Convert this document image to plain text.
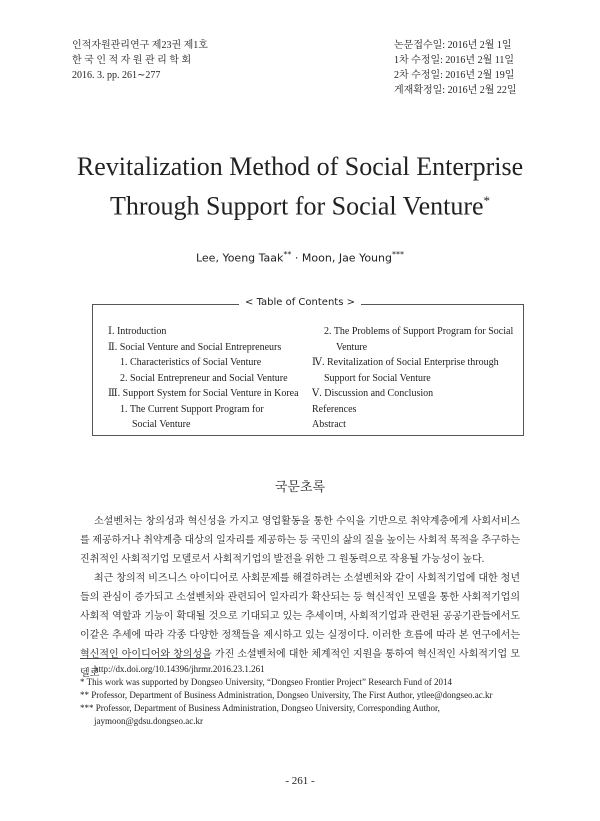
인적자원관리연구 제23권 제1호
한 국 인 적 자 원 관 리 학 회
2016. 3. pp. 261∼277
논문접수일: 2016년 2월 1일
1차 수정일: 2016년 2월 11일
2차 수정일: 2016년 2월 19일
게재확정일: 2016년 2월 22일
Revitalization Method of Social Enterprise
Through Support for Social Venture*
Lee, Yoeng Taak** · Moon, Jae Young***
< Table of Contents >
Ⅰ. Introduction
Ⅱ. Social Venture and Social Entrepreneurs
1. Characteristics of Social Venture
2. Social Entrepreneur and Social Venture
Ⅲ. Support System for Social Venture in Korea
1. The Current Support Program for
Social Venture
2. The Problems of Support Program for Social
Venture
Ⅳ. Revitalization of Social Enterprise through
Support for Social Venture
Ⅴ. Discussion and Conclusion
References
Abstract
국문초록

소셜벤처는 창의성과 혁신성을 가지고 영업활동을 통한 수익을 기반으로 취약계층에게 사회서비스를 제공하거나 취약계층 대상의 일자리를 제공하는 등 국민의 삶의 질을 높이는 사회적 목적을 추구하는 진취적인 사회적기업 모델로서 사회적기업의 발전을 위한 그 원동력으로 작용될 가능성이 높다.

최근 창의적 비즈니스 아이디어로 사회문제를 해결하려는 소셜벤처와 같이 사회적기업에 대한 청년들의 관심이 증가되고 소셜벤처와 관련되어 일자리가 확산되는 등 혁신적인 모델을 통한 사회적기업의 사회적 역할과 기능이 확대될 것으로 기대되고 있는 추세이며, 사회적기업과 관련된 공공기관들에서도 이같은 추세에 따라 각종 다양한 정책들을 제시하고 있는 실정이다. 이러한 흐름에 따라 본 연구에서는 혁신적인 아이디어와 창의성을 가진 소셜벤처에 대한 체계적인 지원을 통하여 혁신적인 사회적기업 모델로

http://dx.doi.org/10.14396/jhrmr.2016.23.1.261
* This work was supported by Dongseo University, “Dongseo Frontier Project” Research Fund of 2014
** Professor, Department of Business Administration, Dongseo University, The First Author, ytlee@dongseo.ac.kr
*** Professor, Department of Business Administration, Dongseo University, Corresponding Author, jaymoon@gdsu.dongseo.ac.kr
- 261 -
